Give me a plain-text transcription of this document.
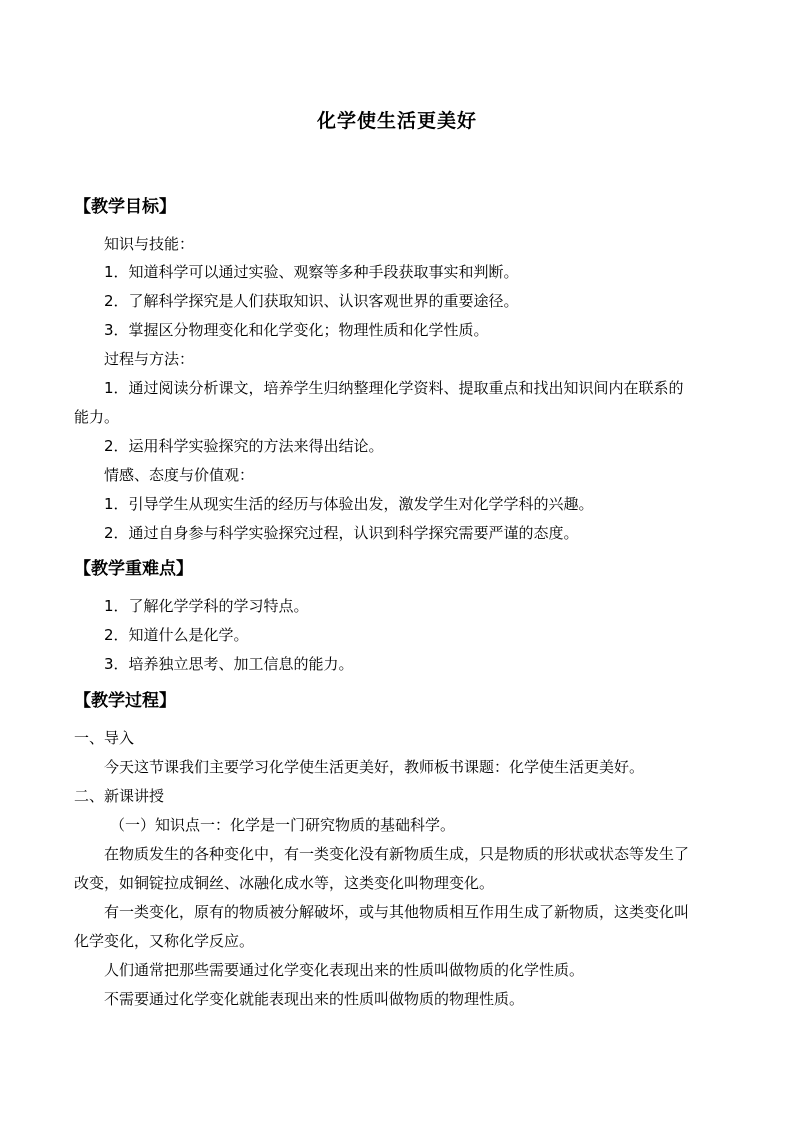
化学使生活更美好
【教学目标】
知识与技能：
1．知道科学可以通过实验、观察等多种手段获取事实和判断。
2．了解科学探究是人们获取知识、认识客观世界的重要途径。
3．掌握区分物理变化和化学变化；物理性质和化学性质。
过程与方法：
1．通过阅读分析课文，培养学生归纳整理化学资料、提取重点和找出知识间内在联系的
能力。
2．运用科学实验探究的方法来得出结论。
情感、态度与价值观：
1．引导学生从现实生活的经历与体验出发，激发学生对化学学科的兴趣。
2．通过自身参与科学实验探究过程，认识到科学探究需要严谨的态度。
【教学重难点】
1．了解化学学科的学习特点。
2．知道什么是化学。
3．培养独立思考、加工信息的能力。
【教学过程】
一、导入
今天这节课我们主要学习化学使生活更美好，教师板书课题：化学使生活更美好。
二、新课讲授
（一）知识点一：化学是一门研究物质的基础科学。
在物质发生的各种变化中，有一类变化没有新物质生成，只是物质的形状或状态等发生了
改变，如铜锭拉成铜丝、冰融化成水等，这类变化叫物理变化。
有一类变化，原有的物质被分解破坏，或与其他物质相互作用生成了新物质，这类变化叫
化学变化，又称化学反应。
人们通常把那些需要通过化学变化表现出来的性质叫做物质的化学性质。
不需要通过化学变化就能表现出来的性质叫做物质的物理性质。
